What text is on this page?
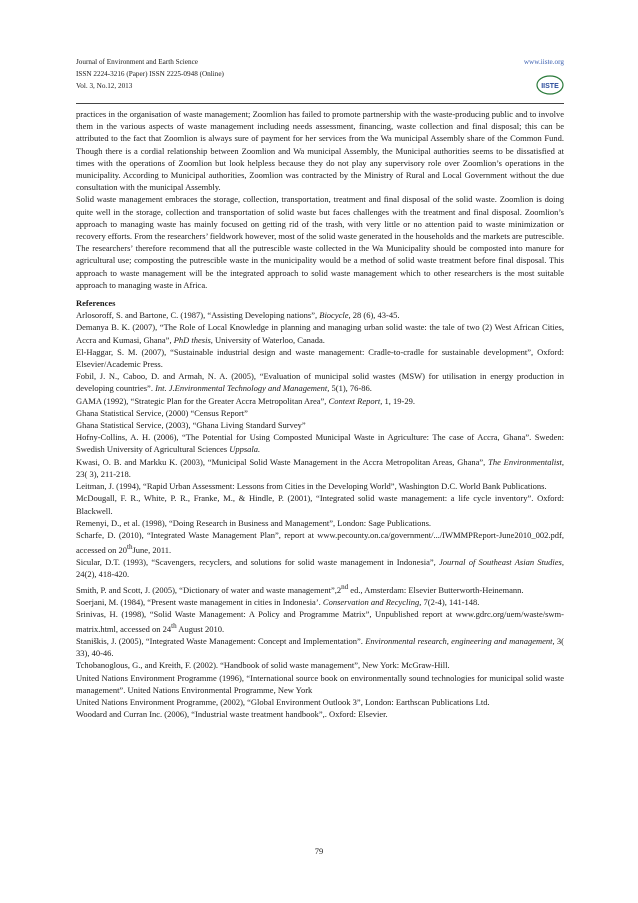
Journal of Environment and Earth Science	www.iiste.org
ISSN 2224-3216 (Paper) ISSN 2225-0948 (Online)
Vol. 3, No.12, 2013	IISTE

practices in the organisation of waste management; Zoomlion has failed to promote partnership with the waste-producing public and to involve them in the various aspects of waste management including needs assessment, financing, waste collection and final disposal; this can be attributed to the fact that Zoomlion is always sure of payment for her services from the Wa municipal Assembly share of the Common Fund. Though there is a cordial relationship between Zoomlion and Wa municipal Assembly, the Municipal authorities seems to be dissatisfied at times with the operations of Zoomlion but look helpless because they do not play any supervisory role over Zoomlion’s operations in the municipality. According to Municipal authorities, Zoomlion was contracted by the Ministry of Rural and Local Government without the due consultation with the municipal Assembly.

Solid waste management embraces the storage, collection, transportation, treatment and final disposal of the solid waste. Zoomlion is doing quite well in the storage, collection and transportation of solid waste but faces challenges with the treatment and final disposal. Zoomlion’s approach to managing waste has mainly focused on getting rid of the trash, with very little or no attention paid to waste minimization or recovery efforts. From the researchers’ fieldwork however, most of the solid waste generated in the households and the markets are putrescible. The researchers’ therefore recommend that all the putrescible waste collected in the Wa Municipality should be composted into manure for agricultural use; composting the putrescible waste in the municipality would be a method of solid waste treatment before final disposal. This approach to waste management will be the integrated approach to solid waste management which to other researchers is the most suitable approach to managing waste in Africa.

References

Arlosoroff, S. and Bartone, C. (1987), “Assisting Developing nations”, Biocycle, 28 (6), 43-45.

Demanya B. K. (2007), “The Role of Local Knowledge in planning and managing urban solid waste: the tale of two (2) West African Cities, Accra and Kumasi, Ghana”, PhD thesis, University of Waterloo, Canada.

El-Haggar, S. M. (2007), “Sustainable industrial design and waste management: Cradle-to-cradle for sustainable development”, Oxford: Elsevier/Academic Press.

Fobil, J. N., Caboo, D. and Armah, N. A. (2005), “Evaluation of municipal solid wastes (MSW) for utilisation in energy production in developing countries”. Int. J.Environmental Technology and Management, 5(1), 76-86.

GAMA (1992), “Strategic Plan for the Greater Accra Metropolitan Area”, Context Report, 1, 19-29.

Ghana Statistical Service, (2000) “Census Report”

Ghana Statistical Service, (2003), “Ghana Living Standard Survey”

Hofny-Collins, A. H. (2006), “The Potential for Using Composted Municipal Waste in Agriculture: The case of Accra, Ghana”. Sweden: Swedish University of Agricultural Sciences Uppsala.

Kwasi, O. B. and Markku K. (2003), “Municipal Solid Waste Management in the Accra Metropolitan Areas, Ghana”, The Environmentalist, 23( 3), 211-218.

Leitman, J. (1994), “Rapid Urban Assessment: Lessons from Cities in the Developing World”, Washington D.C. World Bank Publications.

McDougall, F. R., White, P. R., Franke, M., & Hindle, P. (2001), “Integrated solid waste management: a life cycle inventory”. Oxford: Blackwell.

Remenyi, D., et al. (1998), “Doing Research in Business and Management”, London: Sage Publications.

Scharfe, D. (2010), “Integrated Waste Management Plan”, report at www.pecounty.on.ca/government/.../IWMMPReport-June2010_002.pdf, accessed on 20thJune, 2011.

Sicular, D.T. (1993), “Scavengers, recyclers, and solutions for solid waste management in Indonesia”, Journal of Southeast Asian Studies, 24(2), 418-420.

Smith, P. and Scott, J. (2005), “Dictionary of water and waste management”,2nd ed., Amsterdam: Elsevier Butterworth-Heinemann.

Soerjani, M. (1984), “Present waste management in cities in Indonesia’. Conservation and Recycling, 7(2-4), 141-148.

Srinivas, H. (1998), “Solid Waste Management: A Policy and Programme Matrix”, Unpublished report at www.gdrc.org/uem/waste/swm-matrix.html, accessed on 24th August 2010.

Staniškis, J. (2005), “Integrated Waste Management: Concept and Implementation”. Environmental research, engineering and management, 3( 33), 40-46.

Tchobanoglous, G., and Kreith, F. (2002). “Handbook of solid waste management”, New York: McGraw-Hill.

United Nations Environment Programme (1996), “International source book on environmentally sound technologies for municipal solid waste management”. United Nations Environmental Programme, New York

United Nations Environment Programme, (2002), “Global Environment Outlook 3”, London: Earthscan Publications Ltd.

Woodard and Curran Inc. (2006), “Industrial waste treatment handbook”,. Oxford: Elsevier.

79
